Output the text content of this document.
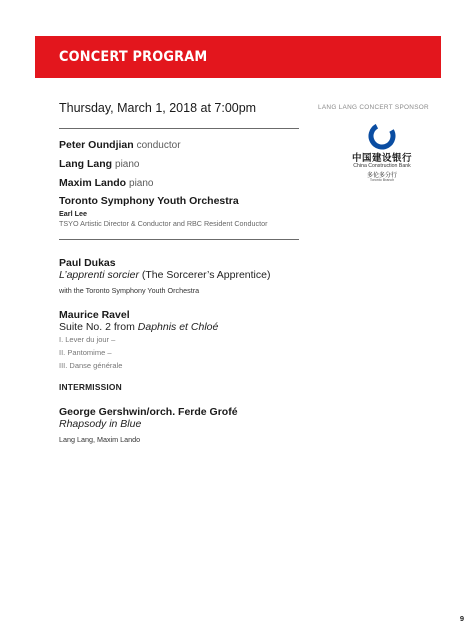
CONCERT PROGRAM
Thursday, March 1, 2018 at 7:00pm	LANG LANG CONCERT SPONSOR
中国建设银行
China Construction Bank
多伦多分行
Toronto Branch
Peter Oundjian conductor
Lang Lang piano
Maxim Lando piano
Toronto Symphony Youth Orchestra
Earl Lee
TSYO Artistic Director & Conductor and RBC Resident Conductor
Paul Dukas
L’apprenti sorcier (The Sorcerer’s Apprentice)
with the Toronto Symphony Youth Orchestra
Maurice Ravel
Suite No. 2 from Daphnis et Chloé
I. Lever du jour –
II. Pantomime –
III. Danse générale
INTERMISSION
George Gershwin/orch. Ferde Grofé
Rhapsody in Blue
Lang Lang, Maxim Lando
9
